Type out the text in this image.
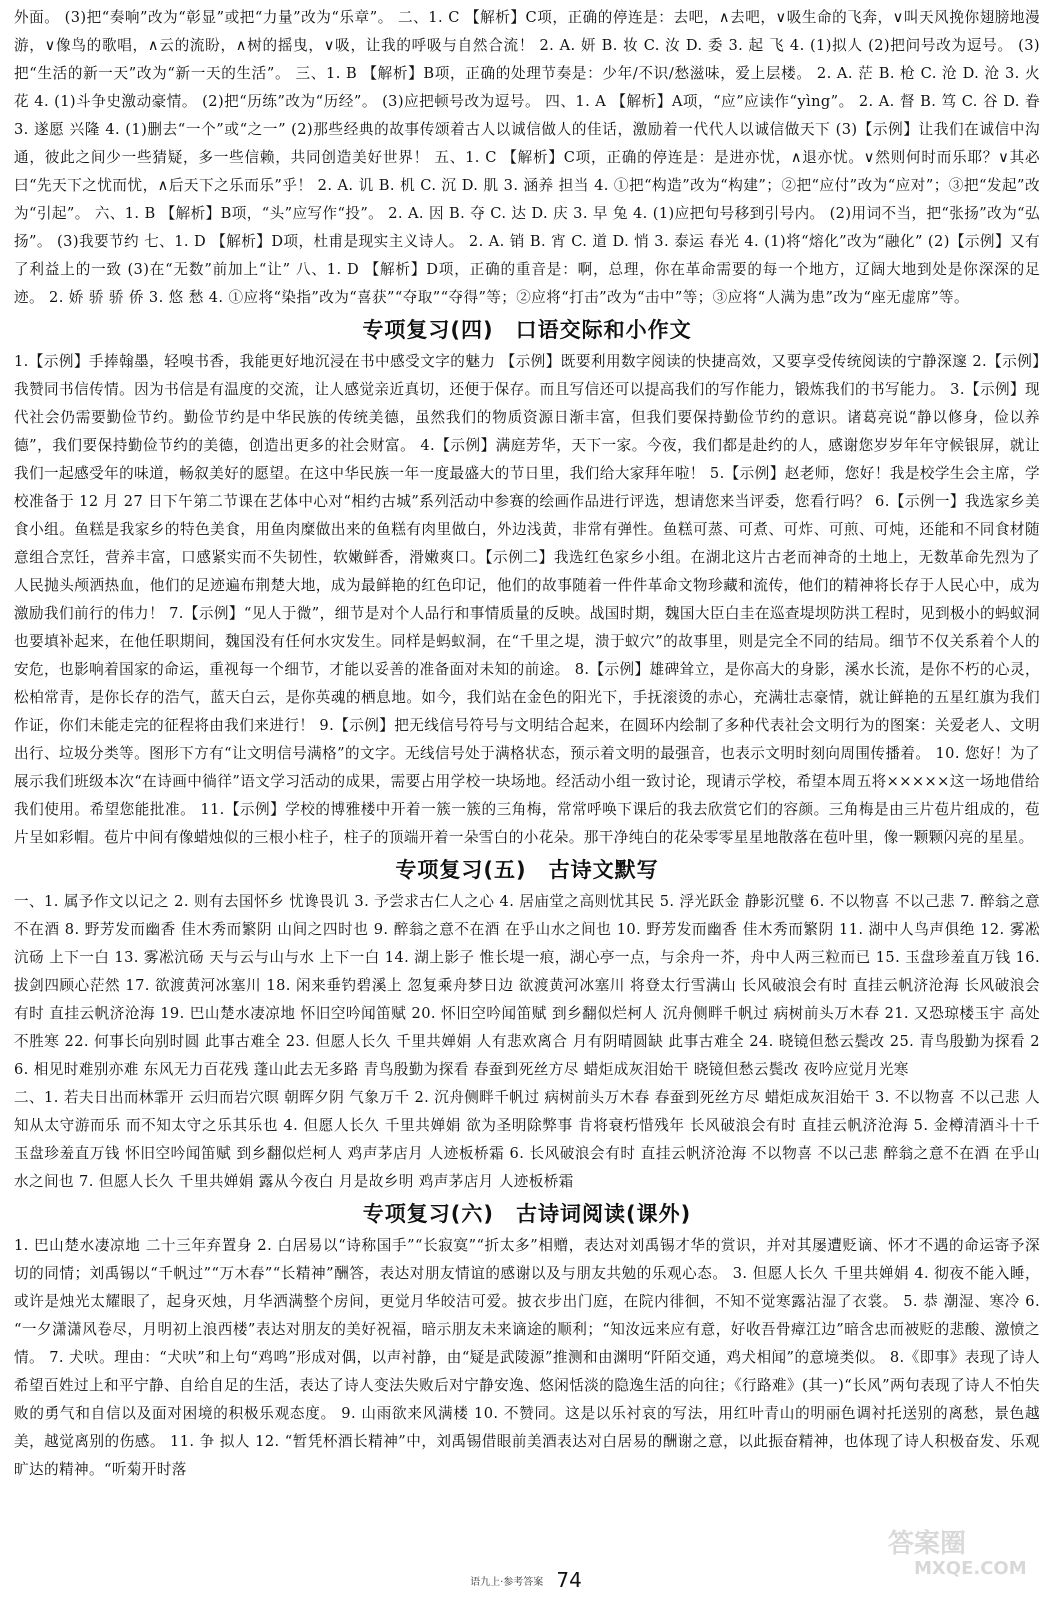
外面。 (3)把“奏响”改为“彰显”或把“力量”改为“乐章”。 二、1. C 【解析】C项，正确的停连是：去吧，∧去吧，∨吸生命的飞奔，∨叫天风挽你翅膀地漫游，∨像鸟的歌唱，∧云的流盼，∧树的摇曳，∨吸，让我的呼吸与自然合流！ 2. A. 妍 B. 妆 C. 汝 D. 委 3. 起 飞 4. (1)拟人 (2)把问号改为逗号。 (3)把“生活的新一天”改为“新一天的生活”。 三、1. B 【解析】B项，正确的处理节奏是：少年/不识/愁滋味，爱上层楼。 2. A. 茫 B. 枪 C. 沧 D. 沧 3. 火 花 4. (1)斗争史激动豪情。 (2)把“历练”改为“历经”。 (3)应把顿号改为逗号。 四、1. A 【解析】A项，“应”应读作“yìng”。 2. A. 督 B. 笃 C. 谷 D. 眷 3. 遂愿 兴隆 4. (1)删去“一个”或“之一” (2)那些经典的故事传颂着古人以诚信做人的佳话，激励着一代代人以诚信做天下 (3)【示例】让我们在诚信中沟通，彼此之间少一些猜疑，多一些信赖，共同创造美好世界！ 五、1. C 【解析】C项，正确的停连是：是进亦忧，∧退亦忧。∨然则何时而乐耶？∨其必曰“先天下之忧而忧，∧后天下之乐而乐”乎！ 2. A. 讥 B. 机 C. 沉 D. 肌 3. 涵养 担当 4. ①把“构造”改为“构建”；②把“应付”改为“应对”；③把“发起”改为“引起”。 六、1. B 【解析】B项，“头”应写作“投”。 2. A. 因 B. 夺 C. 达 D. 庆 3. 早 兔 4. (1)应把句号移到引号内。 (2)用词不当，把“张扬”改为“弘扬”。 (3)我要节约 七、1. D 【解析】D项，杜甫是现实主义诗人。 2. A. 销 B. 宵 C. 道 D. 悄 3. 泰运 春光 4. (1)将“熔化”改为“融化” (2)【示例】又有了利益上的一致 (3)在“无数”前加上“让” 八、1. D 【解析】D项，正确的重音是：啊，总理，你在革命需要的每一个地方，辽阔大地到处是你深深的足迹。 2. 娇 骄 骄 侨 3. 悠 愁 4. ①应将“染指”改为“喜获”“夺取”“夺得”等；②应将“打击”改为“击中”等；③应将“人满为患”改为“座无虚席”等。

专项复习(四) 口语交际和小作文

1.【示例】手捧翰墨，轻嗅书香，我能更好地沉浸在书中感受文字的魅力 【示例】既要利用数字阅读的快捷高效，又要享受传统阅读的宁静深邃 2.【示例】我赞同书信传情。因为书信是有温度的交流，让人感觉亲近真切，还便于保存。而且写信还可以提高我们的写作能力，锻炼我们的书写能力。 3.【示例】现代社会仍需要勤俭节约。勤俭节约是中华民族的传统美德，虽然我们的物质资源日渐丰富，但我们要保持勤俭节约的意识。诸葛亮说“静以修身，俭以养德”，我们要保持勤俭节约的美德，创造出更多的社会财富。 4.【示例】满庭芳华，天下一家。今夜，我们都是赴约的人，感谢您岁岁年年守候银屏，就让我们一起感受年的味道，畅叙美好的愿望。在这中华民族一年一度最盛大的节日里，我们给大家拜年啦！ 5.【示例】赵老师，您好！我是校学生会主席，学校准备于 12 月 27 日下午第二节课在艺体中心对“相约古城”系列活动中参赛的绘画作品进行评选，想请您来当评委，您看行吗？ 6.【示例一】我选家乡美食小组。鱼糕是我家乡的特色美食，用鱼肉糜做出来的鱼糕有肉里做白，外边浅黄，非常有弹性。鱼糕可蒸、可煮、可炸、可煎、可炖，还能和不同食材随意组合烹饪，营养丰富，口感紧实而不失韧性，软嫩鲜香，滑嫩爽口。【示例二】我选红色家乡小组。在湖北这片古老而神奇的土地上，无数革命先烈为了人民抛头颅洒热血，他们的足迹遍布荆楚大地，成为最鲜艳的红色印记，他们的故事随着一件件革命文物珍藏和流传，他们的精神将长存于人民心中，成为激励我们前行的伟力！ 7.【示例】“见人于微”，细节是对个人品行和事情质量的反映。战国时期，魏国大臣白圭在巡查堤坝防洪工程时，见到极小的蚂蚁洞也要填补起来，在他任职期间，魏国没有任何水灾发生。同样是蚂蚁洞，在“千里之堤，溃于蚁穴”的故事里，则是完全不同的结局。细节不仅关系着个人的安危，也影响着国家的命运，重视每一个细节，才能以妥善的准备面对未知的前途。 8.【示例】雄碑耸立，是你高大的身影，溪水长流，是你不朽的心灵，松柏常青，是你长存的浩气，蓝天白云，是你英魂的栖息地。如今，我们站在金色的阳光下，手抚滚烫的赤心，充满壮志豪情，就让鲜艳的五星红旗为我们作证，你们未能走完的征程将由我们来进行！ 9.【示例】把无线信号符号与文明结合起来，在圆环内绘制了多种代表社会文明行为的图案：关爱老人、文明出行、垃圾分类等。图形下方有“让文明信号满格”的文字。无线信号处于满格状态，预示着文明的最强音，也表示文明时刻向周围传播着。 10. 您好！为了展示我们班级本次“在诗画中徜徉”语文学习活动的成果，需要占用学校一块场地。经活动小组一致讨论，现请示学校，希望本周五将×××××这一场地借给我们使用。希望您能批准。 11.【示例】学校的博雅楼中开着一簇一簇的三角梅，常常呼唤下课后的我去欣赏它们的容颜。三角梅是由三片苞片组成的，苞片呈如彩帽。苞片中间有像蜡烛似的三根小柱子，柱子的顶端开着一朵雪白的小花朵。那干净纯白的花朵零零星星地散落在苞叶里，像一颗颗闪亮的星星。

专项复习(五) 古诗文默写

一、1. 属予作文以记之 2. 则有去国怀乡 忧谗畏讥 3. 予尝求古仁人之心 4. 居庙堂之高则忧其民 5. 浮光跃金 静影沉璧 6. 不以物喜 不以己悲 7. 醉翁之意不在酒 8. 野芳发而幽香 佳木秀而繁阴 山间之四时也 9. 醉翁之意不在酒 在乎山水之间也 10. 野芳发而幽香 佳木秀而繁阴 11. 湖中人鸟声俱绝 12. 雾凇沆砀 上下一白 13. 雾凇沆砀 天与云与山与水 上下一白 14. 湖上影子 惟长堤一痕，湖心亭一点，与余舟一芥，舟中人两三粒而已 15. 玉盘珍羞直万钱 16. 拔剑四顾心茫然 17. 欲渡黄河冰塞川 18. 闲来垂钓碧溪上 忽复乘舟梦日边 欲渡黄河冰塞川 将登太行雪满山 长风破浪会有时 直挂云帆济沧海 长风破浪会有时 直挂云帆济沧海 19. 巴山楚水凄凉地 怀旧空吟闻笛赋 20. 怀旧空吟闻笛赋 到乡翻似烂柯人 沉舟侧畔千帆过 病树前头万木春 21. 又恐琼楼玉宇 高处不胜寒 22. 何事长向别时圆 此事古难全 23. 但愿人长久 千里共婵娟 人有悲欢离合 月有阴晴圆缺 此事古难全 24. 晓镜但愁云鬓改 25. 青鸟殷勤为探看 26. 相见时难别亦难 东风无力百花残 蓬山此去无多路 青鸟殷勤为探看 春蚕到死丝方尽 蜡炬成灰泪始干 晓镜但愁云鬓改 夜吟应觉月光寒

二、1. 若夫日出而林霏开 云归而岩穴暝 朝晖夕阴 气象万千 2. 沉舟侧畔千帆过 病树前头万木春 春蚕到死丝方尽 蜡炬成灰泪始干 3. 不以物喜 不以己悲 人知从太守游而乐 而不知太守之乐其乐也 4. 但愿人长久 千里共婵娟 欲为圣明除弊事 肯将衰朽惜残年 长风破浪会有时 直挂云帆济沧海 5. 金樽清酒斗十千 玉盘珍羞直万钱 怀旧空吟闻笛赋 到乡翻似烂柯人 鸡声茅店月 人迹板桥霜 6. 长风破浪会有时 直挂云帆济沧海 不以物喜 不以己悲 醉翁之意不在酒 在乎山水之间也 7. 但愿人长久 千里共婵娟 露从今夜白 月是故乡明 鸡声茅店月 人迹板桥霜

专项复习(六) 古诗词阅读(课外)

1. 巴山楚水凄凉地 二十三年弃置身 2. 白居易以“诗称国手”“长寂寞”“折太多”相赠，表达对刘禹锡才华的赏识，并对其屡遭贬谪、怀才不遇的命运寄予深切的同情；刘禹锡以“千帆过”“万木春”“长精神”酬答，表达对朋友情谊的感谢以及与朋友共勉的乐观心态。 3. 但愿人长久 千里共婵娟 4. 彻夜不能入睡，或许是烛光太耀眼了，起身灭烛，月华洒满整个房间，更觉月华皎洁可爱。披衣步出门庭，在院内徘徊，不知不觉寒露沾湿了衣裳。 5. 恭 潮湿、寒冷 6. “一夕潇潇风卷尽，月明初上浪西楼”表达对朋友的美好祝福，暗示朋友未来谪途的顺利；“知汝远来应有意，好收吾骨瘴江边”暗含忠而被贬的悲酸、激愤之情。 7. 犬吠。理由：“犬吠”和上句“鸡鸣”形成对偶，以声衬静，由“疑是武陵源”推测和由渊明“阡陌交通，鸡犬相闻”的意境类似。 8.《即事》表现了诗人希望百姓过上和平宁静、自给自足的生活，表达了诗人变法失败后对宁静安逸、悠闲恬淡的隐逸生活的向往；《行路难》(其一)“长风”两句表现了诗人不怕失败的勇气和自信以及面对困境的积极乐观态度。 9. 山雨欲来风满楼 10. 不赞同。这是以乐衬哀的写法，用红叶青山的明丽色调衬托送别的离愁，景色越美，越觉离别的伤感。 11. 争 拟人 12. “暂凭杯酒长精神”中，刘禹锡借眼前美酒表达对白居易的酬谢之意，以此振奋精神，也体现了诗人积极奋发、乐观旷达的精神。“听菊开时落

答案圈
MXQE.COM
语九上·参考答案 74
